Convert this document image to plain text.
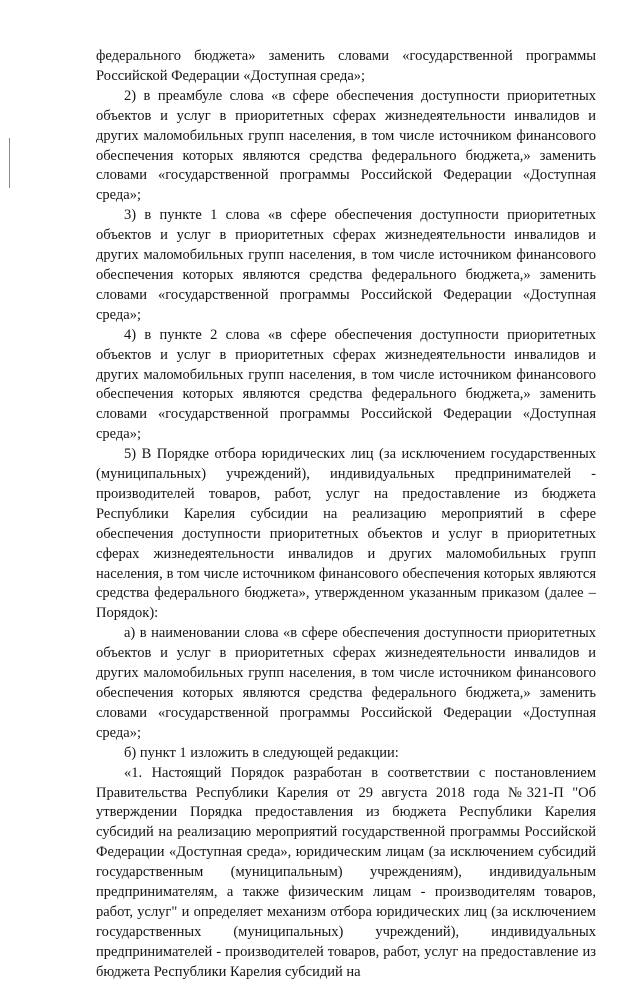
федерального бюджета» заменить словами «государственной программы Российской Федерации «Доступная среда»;

2) в преамбуле слова «в сфере обеспечения доступности приоритетных объектов и услуг в приоритетных сферах жизнедеятельности инвалидов и других маломобильных групп населения, в том числе источником финансового обеспечения которых являются средства федерального бюджета,» заменить словами «государственной программы Российской Федерации «Доступная среда»;

3) в пункте 1 слова «в сфере обеспечения доступности приоритетных объектов и услуг в приоритетных сферах жизнедеятельности инвалидов и других маломобильных групп населения, в том числе источником финансового обеспечения которых являются средства федерального бюджета,» заменить словами «государственной программы Российской Федерации «Доступная среда»;

4) в пункте 2 слова «в сфере обеспечения доступности приоритетных объектов и услуг в приоритетных сферах жизнедеятельности инвалидов и других маломобильных групп населения, в том числе источником финансового обеспечения которых являются средства федерального бюджета,» заменить словами «государственной программы Российской Федерации «Доступная среда»;

5) В Порядке отбора юридических лиц (за исключением государственных (муниципальных) учреждений), индивидуальных предпринимателей - производителей товаров, работ, услуг на предоставление из бюджета Республики Карелия субсидии на реализацию мероприятий в сфере обеспечения доступности приоритетных объектов и услуг в приоритетных сферах жизнедеятельности инвалидов и других маломобильных групп населения, в том числе источником финансового обеспечения которых являются средства федерального бюджета», утвержденном указанным приказом (далее – Порядок):

а) в наименовании слова «в сфере обеспечения доступности приоритетных объектов и услуг в приоритетных сферах жизнедеятельности инвалидов и других маломобильных групп населения, в том числе источником финансового обеспечения которых являются средства федерального бюджета,» заменить словами «государственной программы Российской Федерации «Доступная среда»;

б) пункт 1 изложить в следующей редакции:

«1. Настоящий Порядок разработан в соответствии с постановлением Правительства Республики Карелия от 29 августа 2018 года №321-П "Об утверждении Порядка предоставления из бюджета Республики Карелия субсидий на реализацию мероприятий государственной программы Российской Федерации «Доступная среда», юридическим лицам (за исключением субсидий государственным (муниципальным) учреждениям), индивидуальным предпринимателям, а также физическим лицам - производителям товаров, работ, услуг" и определяет механизм отбора юридических лиц (за исключением государственных (муниципальных) учреждений), индивидуальных предпринимателей - производителей товаров, работ, услуг на предоставление из бюджета Республики Карелия субсидий на
